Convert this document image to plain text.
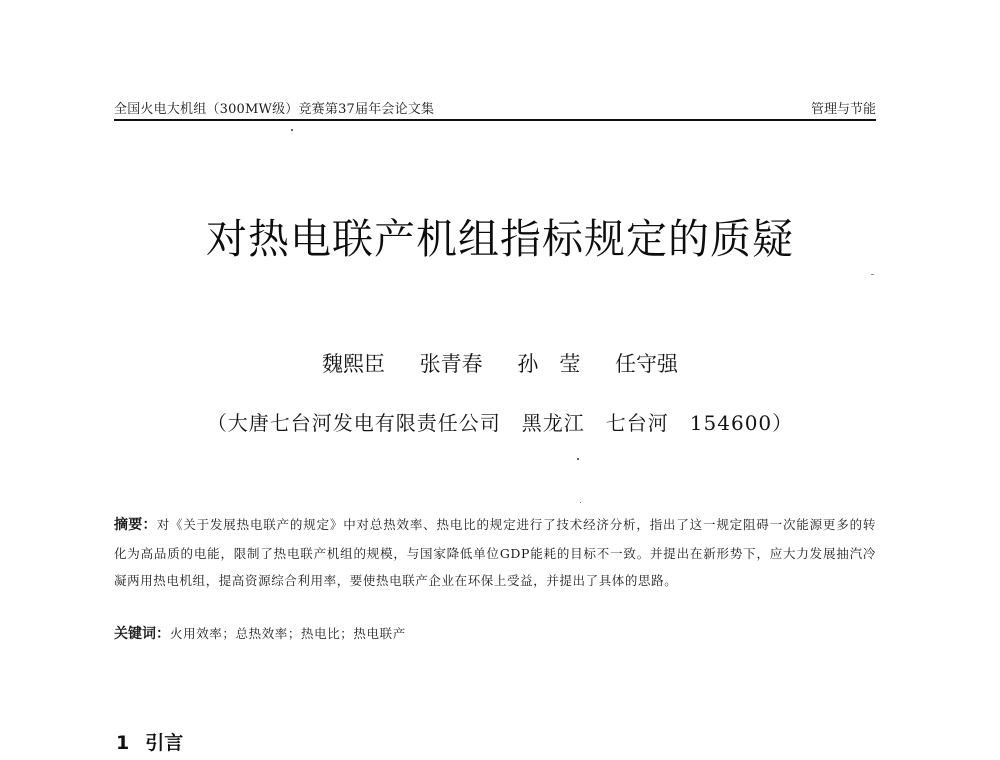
全国火电大机组（300MW级）竞赛第37届年会论文集	管理与节能
对热电联产机组指标规定的质疑
魏熙臣 张青春 孙　莹 任守强
（大唐七台河发电有限责任公司　黑龙江　七台河　154600）
摘要：对《关于发展热电联产的规定》中对总热效率、热电比的规定进行了技术经济分析，指出了这一规定阻碍一次能源更多的转化为高品质的电能，限制了热电联产机组的规模，与国家降低单位GDP能耗的目标不一致。并提出在新形势下，应大力发展抽汽冷凝两用热电机组，提高资源综合利用率，要使热电联产企业在环保上受益，并提出了具体的思路。
关键词：火用效率；总热效率；热电比；热电联产
1 引言
